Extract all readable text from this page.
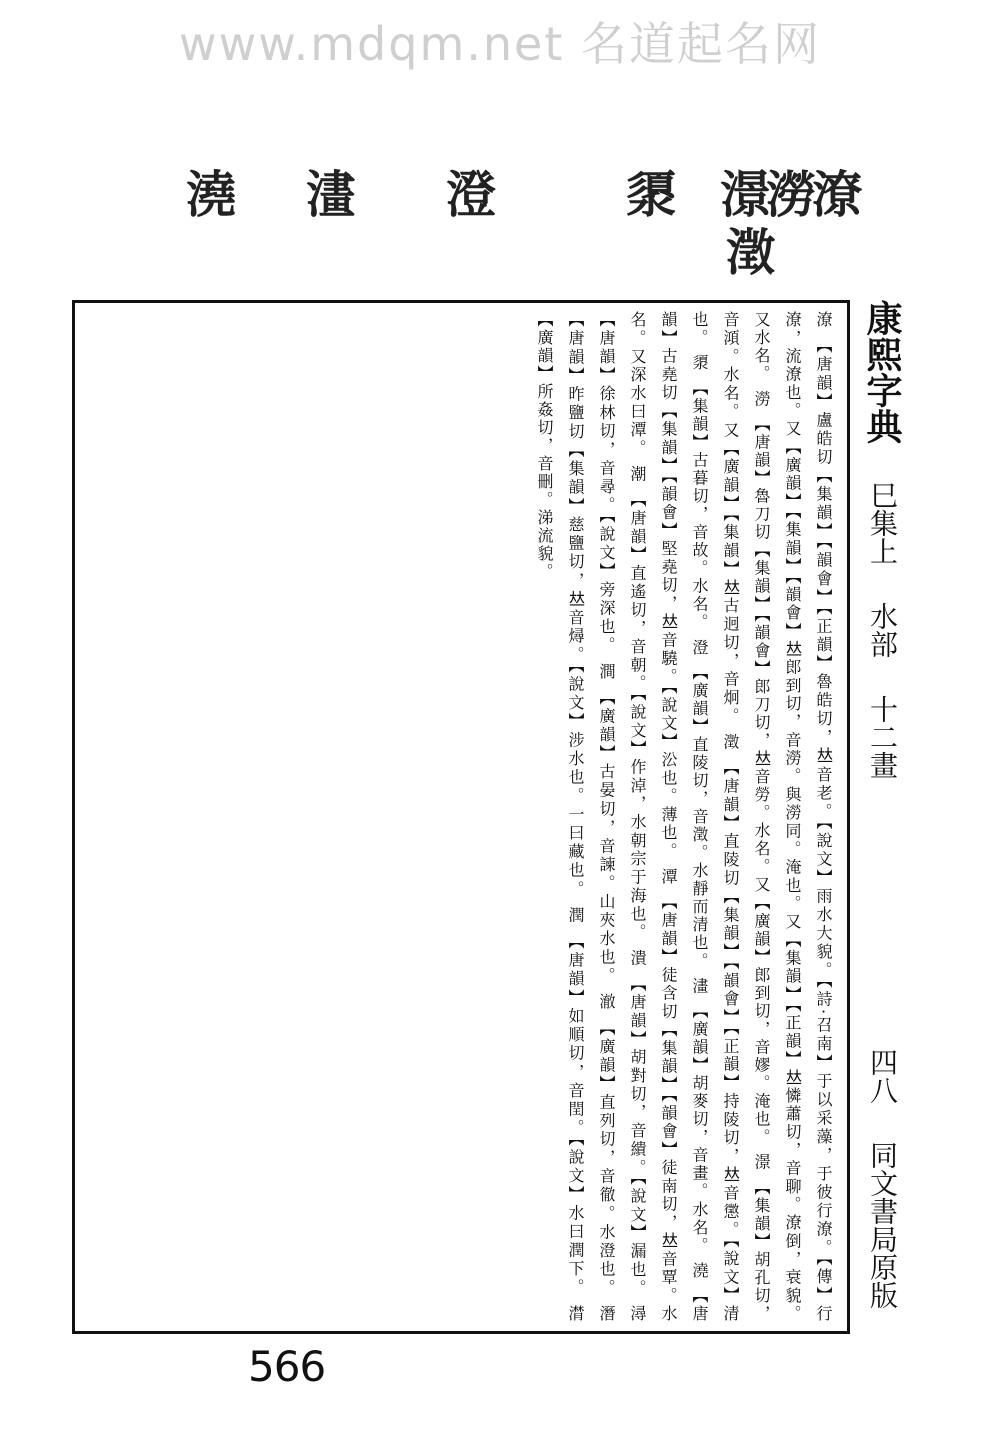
www.mdqm.net 名道起名网
潦
澇
澋
澂
澃
澄
澅
澆
康熙字典 巳集上 水部 十二畫 四八 同文書局原版

潦 【唐韻】盧皓切【集韻】【韻會】【正韻】魯皓切，𠀤音老。【說文】雨水大貌。【詩·召南】于以采藻，于彼行潦。【傳】行潦，流潦也。又【廣韻】【集韻】【韻會】𠀤郎到切，音澇。與澇同。淹也。又【集韻】【正韻】𠀤憐蕭切，音聊。潦倒，衰貌。又水名。 澇 【唐韻】魯刀切【集韻】【韻會】郎刀切，𠀤音勞。水名。又【廣韻】郎到切，音嫪。淹也。 澋 【集韻】胡孔切，音澒。水名。又【廣韻】【集韻】𠀤古迥切，音炯。 澂 【唐韻】直陵切【集韻】【韻會】【正韻】持陵切，𠀤音懲。【說文】清也。 澃 【集韻】古暮切，音故。水名。 澄 【廣韻】直陵切，音澂。水靜而清也。 澅 【廣韻】胡麥切，音畫。水名。 澆 【唐韻】古堯切【集韻】【韻會】堅堯切，𠀤音驍。【說文】㳂也。薄也。 潭 【唐韻】徒含切【集韻】【韻會】徒南切，𠀤音覃。水名。又深水曰潭。 潮 【唐韻】直遙切，音朝。【說文】作淖，水朝宗于海也。 潰 【唐韻】胡對切，音繢。【說文】漏也。 潯 【唐韻】徐林切，音尋。【說文】旁深也。 澗 【廣韻】古晏切，音諫。山夾水也。 澈 【廣韻】直列切，音徹。水澄也。 潛 【唐韻】昨鹽切【集韻】慈鹽切，𠀤音燖。【說文】涉水也。一曰藏也。 潤 【唐韻】如順切，音閏。【說文】水曰潤下。 潸 【廣韻】所姦切，音刪。涕流貌。

566
